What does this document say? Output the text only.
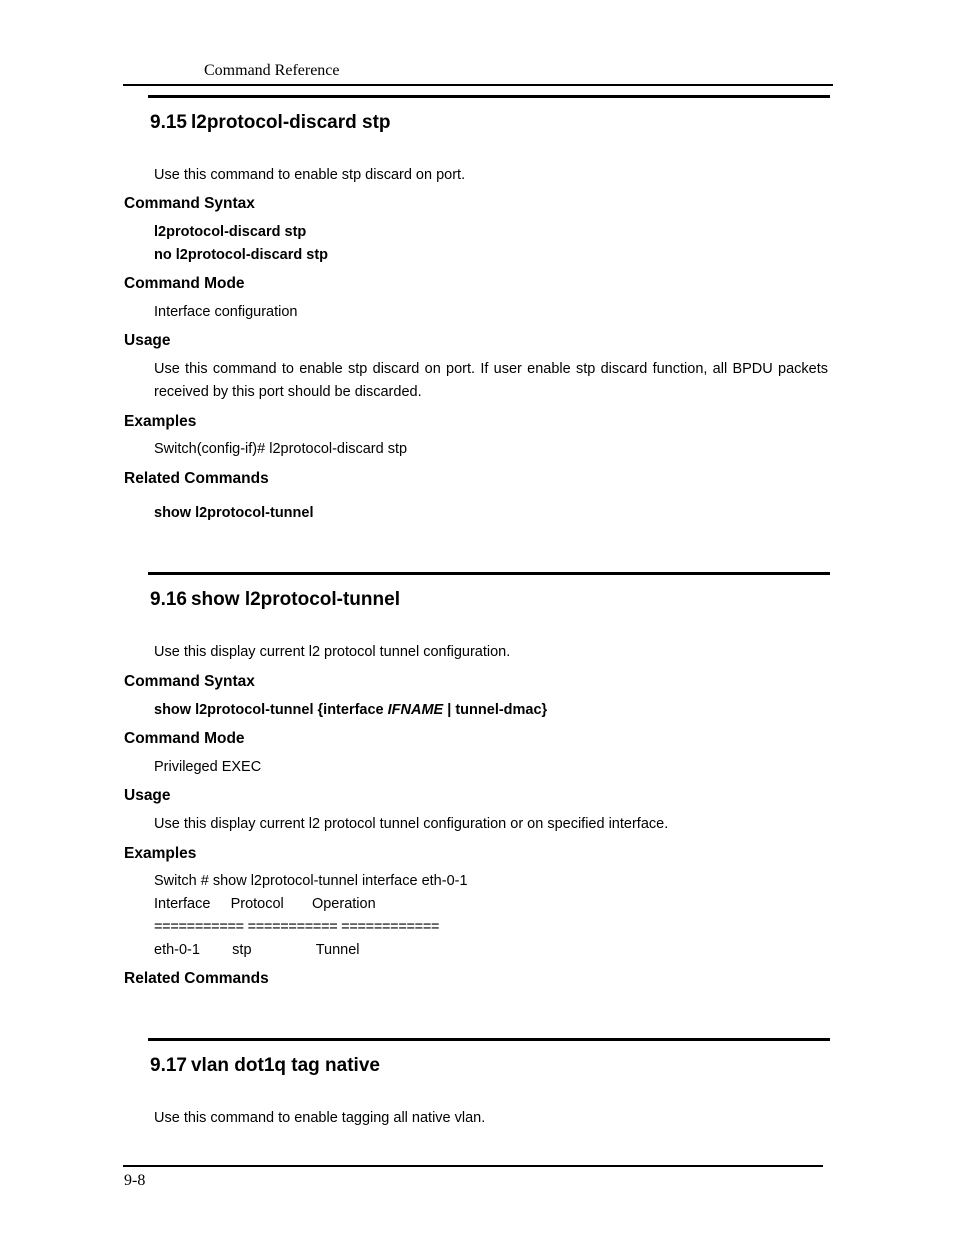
Command Reference
9.15 l2protocol-discard stp
Use this command to enable stp discard on port.
Command Syntax
l2protocol-discard stp
no l2protocol-discard stp
Command Mode
Interface configuration
Usage
Use this command to enable stp discard on port. If user enable stp discard function, all BPDU packets received by this port should be discarded.
Examples
Switch(config-if)# l2protocol-discard stp
Related Commands
show l2protocol-tunnel
9.16 show l2protocol-tunnel
Use this display current l2 protocol tunnel configuration.
Command Syntax
show l2protocol-tunnel {interface IFNAME | tunnel-dmac}
Command Mode
Privileged EXEC
Usage
Use this display current l2 protocol tunnel configuration or on specified interface.
Examples
Switch # show l2protocol-tunnel interface eth-0-1
Interface     Protocol       Operation
=========== =========== ============
eth-0-1        stp                Tunnel
Related Commands
9.17 vlan dot1q tag native
Use this command to enable tagging all native vlan.
9-8
